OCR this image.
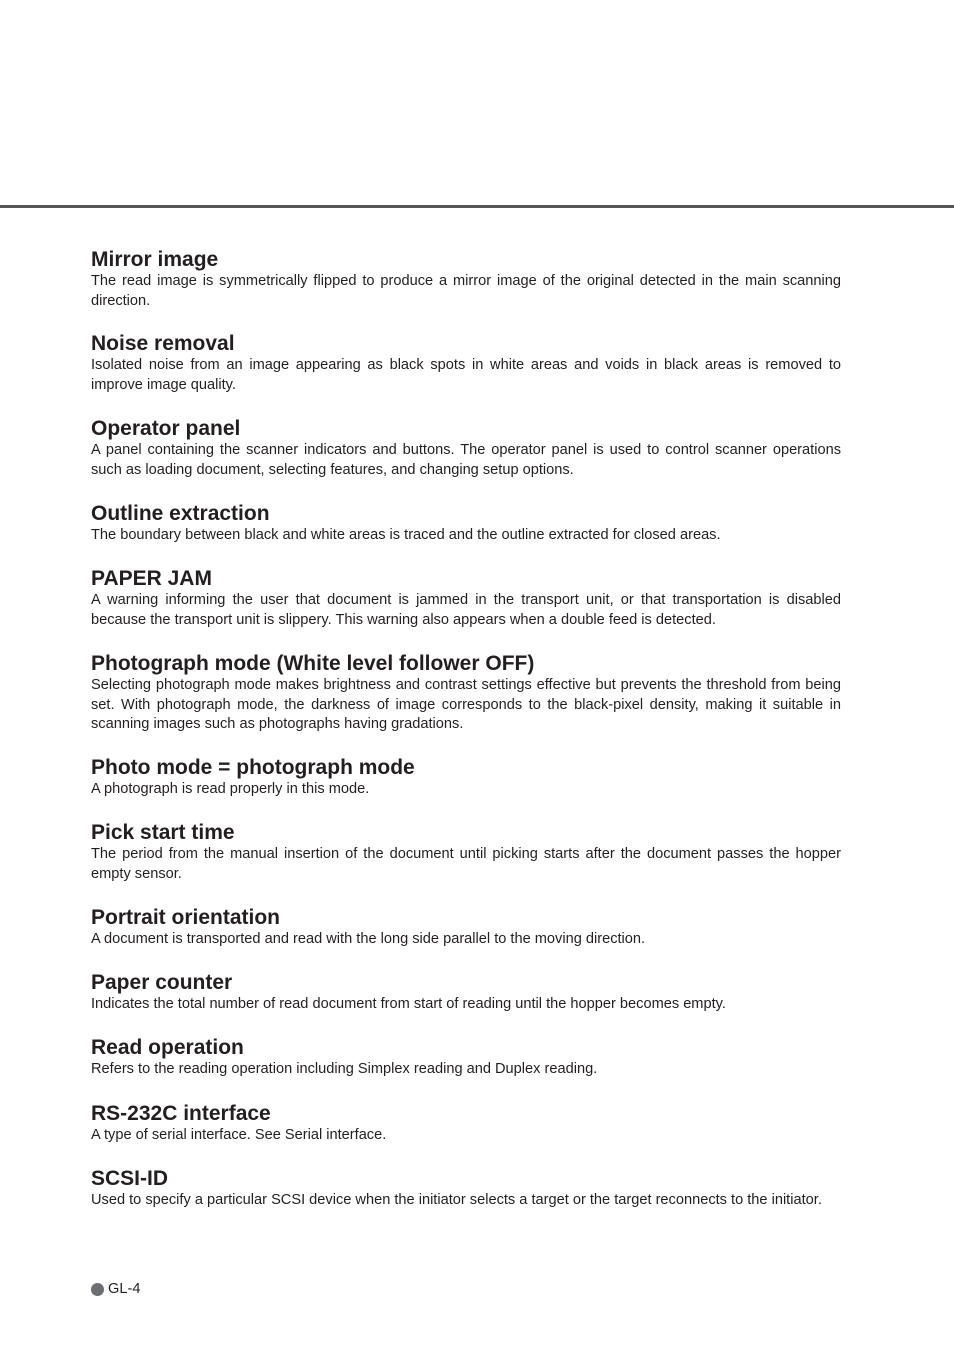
Mirror image

The read image is symmetrically flipped to produce a mirror image of the original detected in the main scanning direction.

Noise removal

Isolated noise from an image appearing as black spots in white areas and voids in black areas is removed to improve image quality.

Operator panel

A panel containing the scanner indicators and buttons. The operator panel is used to control scanner operations such as loading document, selecting features, and changing setup options.

Outline extraction

The boundary between black and white areas is traced and the outline extracted for closed areas.

PAPER JAM

A warning informing the user that document is jammed in the transport unit, or that transportation is disabled because the transport unit is slippery. This warning also appears when a double feed is detected.

Photograph mode (White level follower OFF)

Selecting photograph mode makes brightness and contrast settings effective but prevents the threshold from being set. With photograph mode, the darkness of image corresponds to the black-pixel density, making it suitable in scanning images such as photographs having gradations.

Photo mode = photograph mode

A photograph is read properly in this mode.

Pick start time

The period from the manual insertion of the document until picking starts after the document passes the hopper empty sensor.

Portrait orientation

A document is transported and read with the long side parallel to the moving direction.

Paper counter

Indicates the total number of read document from start of reading until the hopper becomes empty.

Read operation

Refers to the reading operation including Simplex reading and Duplex reading.

RS-232C interface

A type of serial interface. See Serial interface.

SCSI-ID

Used to specify a particular SCSI device when the initiator selects a target or the target reconnects to the initiator.

GL-4
